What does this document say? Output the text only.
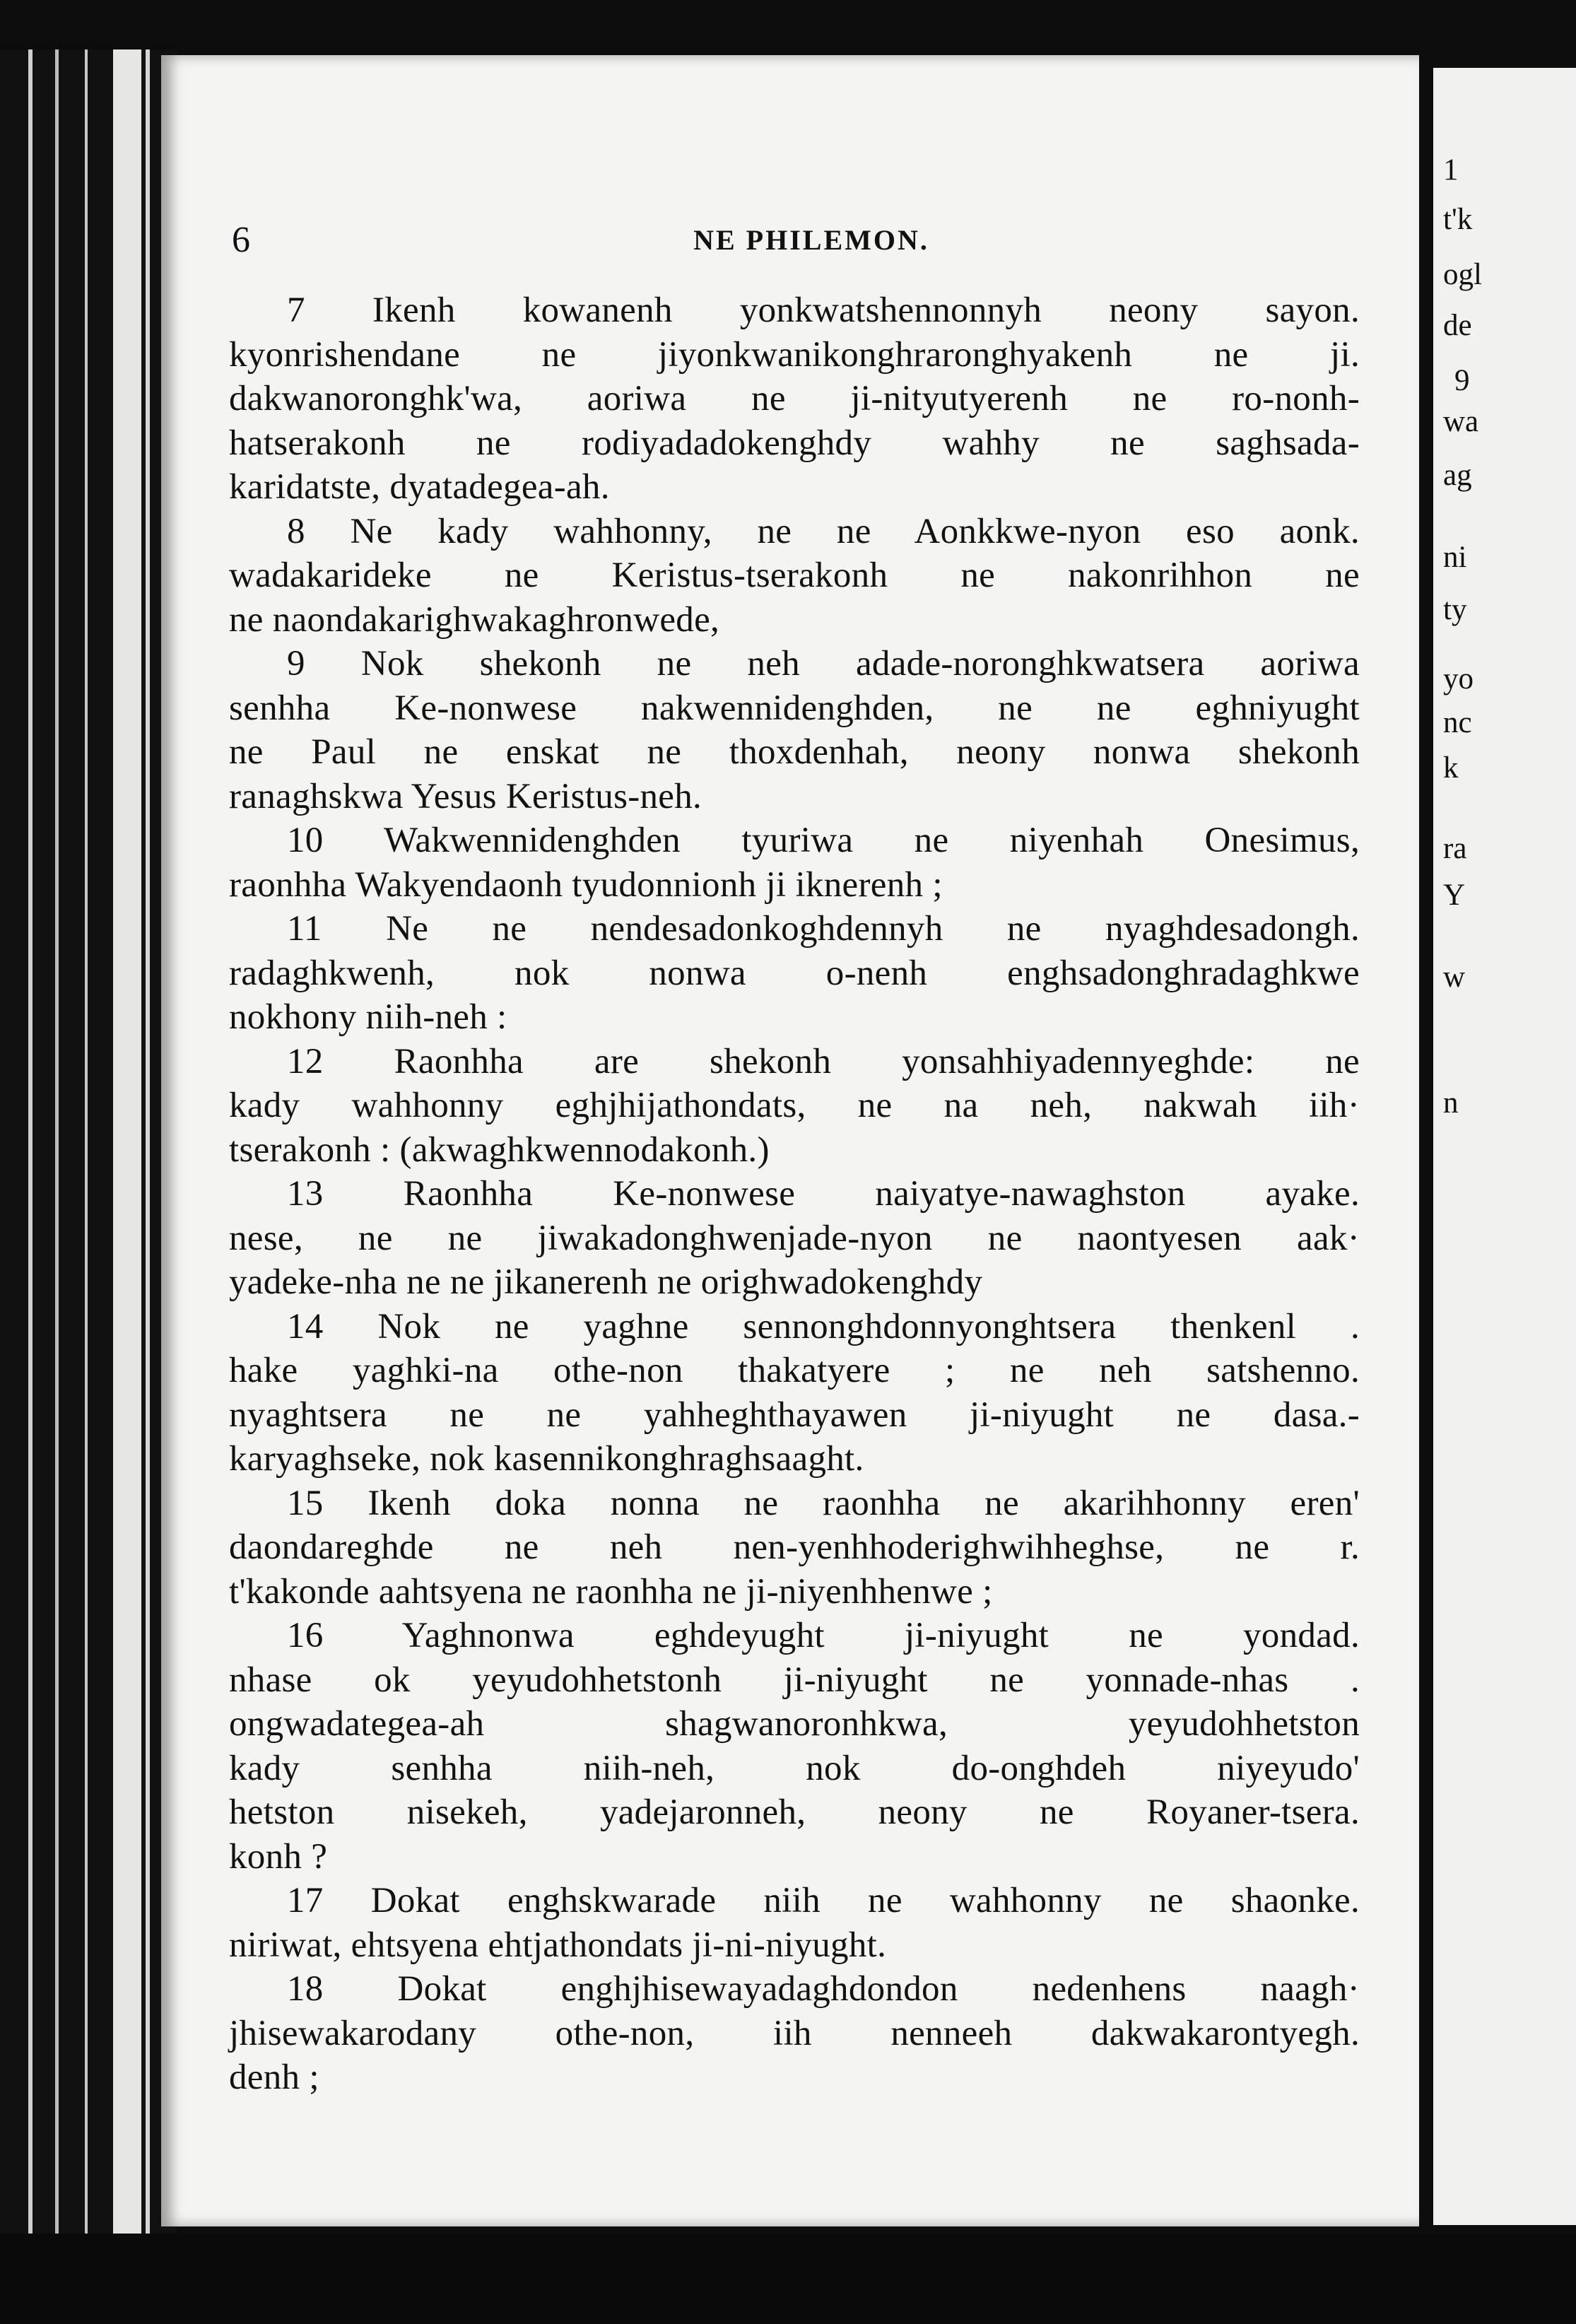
6	NE PHILEMON.
7 Ikenh kowanenh yonkwatshennonnyh neony sayon.
kyonrishendane ne jiyonkwanikonghraronghyakenh ne ji.
dakwanoronghk'wa, aoriwa ne ji-nityutyerenh ne ro-nonh-
hatserakonh ne rodiyadadokenghdy wahhy ne saghsada-
karidatste, dyatadegea-ah.
8 Ne kady wahhonny, ne ne Aonkkwe-nyon eso aonk.
wadakarideke ne Keristus-tserakonh ne nakonrihhon ne
ne naondakarighwakaghronwede,
9 Nok shekonh ne neh adade-noronghkwatsera aoriwa
senhha Ke-nonwese nakwennidenghden, ne ne eghniyught
ne Paul ne enskat ne thoxdenhah, neony nonwa shekonh
ranaghskwa Yesus Keristus-neh.
10 Wakwennidenghden tyuriwa ne niyenhah Onesimus,
raonhha Wakyendaonh tyudonnionh ji iknerenh ;
11 Ne ne nendesadonkoghdennyh ne nyaghdesadongh.
radaghkwenh, nok nonwa o-nenh enghsadonghradaghkwe
nokhony niih-neh :
12 Raonhha are shekonh yonsahhiyadennyeghde: ne
kady wahhonny eghjhijathondats, ne na neh, nakwah iih·
tserakonh : (akwaghkwennodakonh.)
13 Raonhha Ke-nonwese naiyatye-nawaghston ayake.
nese, ne ne jiwakadonghwenjade-nyon ne naontyesen aak·
yadeke-nha ne ne jikanerenh ne orighwadokenghdy
14 Nok ne yaghne sennonghdonnyonghtsera thenkenl .
hake yaghki-na othe-non thakatyere ; ne neh satshenno.
nyaghtsera ne ne yahheghthayawen ji-niyught ne dasa.-
karyaghseke, nok kasennikonghraghsaaght.
15 Ikenh doka nonna ne raonhha ne akarihhonny eren'
daondareghde ne neh nen-yenhhoderighwihheghse, ne r.
t'kakonde aahtsyena ne raonhha ne ji-niyenhhenwe ;
16 Yaghnonwa eghdeyught ji-niyught ne yondad.
nhase ok yeyudohhetstonh ji-niyught ne yonnade-nhas .
ongwadategea-ah shagwanoronhkwa, yeyudohhetston
kady senhha niih-neh, nok do-onghdeh niyeyudo'
hetston nisekeh, yadejaronneh, neony ne Royaner-tsera.
konh ?
17 Dokat enghskwarade niih ne wahhonny ne shaonke.
niriwat, ehtsyena ehtjathondats ji-ni-niyught.
18 Dokat enghjhisewayadaghdondon nedenhens naagh·
jhisewakarodany othe-non, iih nenneeh dakwakarontyegh.
denh ;
1
t'k
ogl
de
9
wa
ag
ni
ty
yo
nc
k
ra
Y
w
n
